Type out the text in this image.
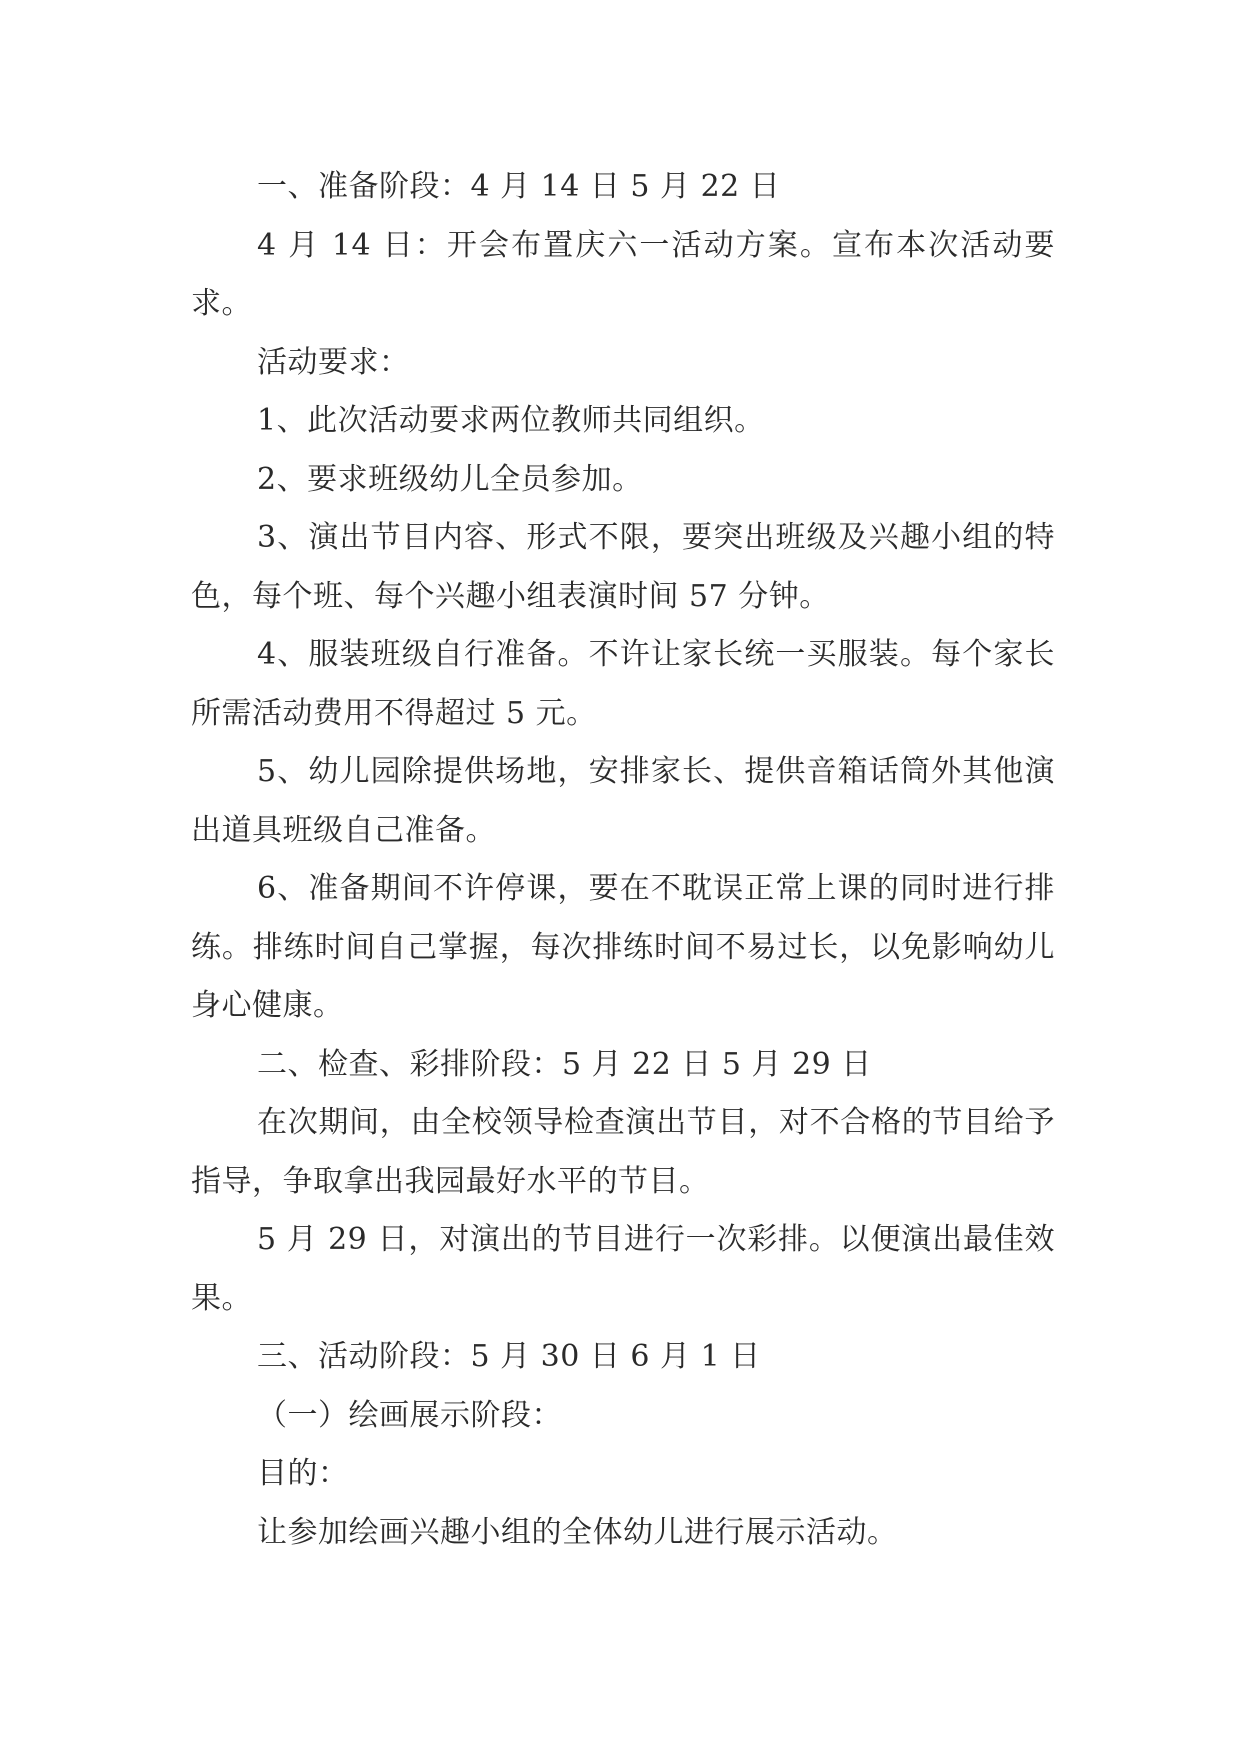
一、准备阶段：4 月 14 日 5 月 22 日

4 月 14 日：开会布置庆六一活动方案。宣布本次活动要求。

活动要求：

1、此次活动要求两位教师共同组织。

2、要求班级幼儿全员参加。

3、演出节目内容、形式不限，要突出班级及兴趣小组的特色，每个班、每个兴趣小组表演时间 57 分钟。

4、服装班级自行准备。不许让家长统一买服装。每个家长所需活动费用不得超过 5 元。

5、幼儿园除提供场地，安排家长、提供音箱话筒外其他演出道具班级自己准备。

6、准备期间不许停课，要在不耽误正常上课的同时进行排练。排练时间自己掌握，每次排练时间不易过长，以免影响幼儿身心健康。

二、检查、彩排阶段：5 月 22 日 5 月 29 日

在次期间，由全校领导检查演出节目，对不合格的节目给予指导，争取拿出我园最好水平的节目。

5 月 29 日，对演出的节目进行一次彩排。以便演出最佳效果。

三、活动阶段：5 月 30 日 6 月 1 日

（一）绘画展示阶段：

目的：

让参加绘画兴趣小组的全体幼儿进行展示活动。
